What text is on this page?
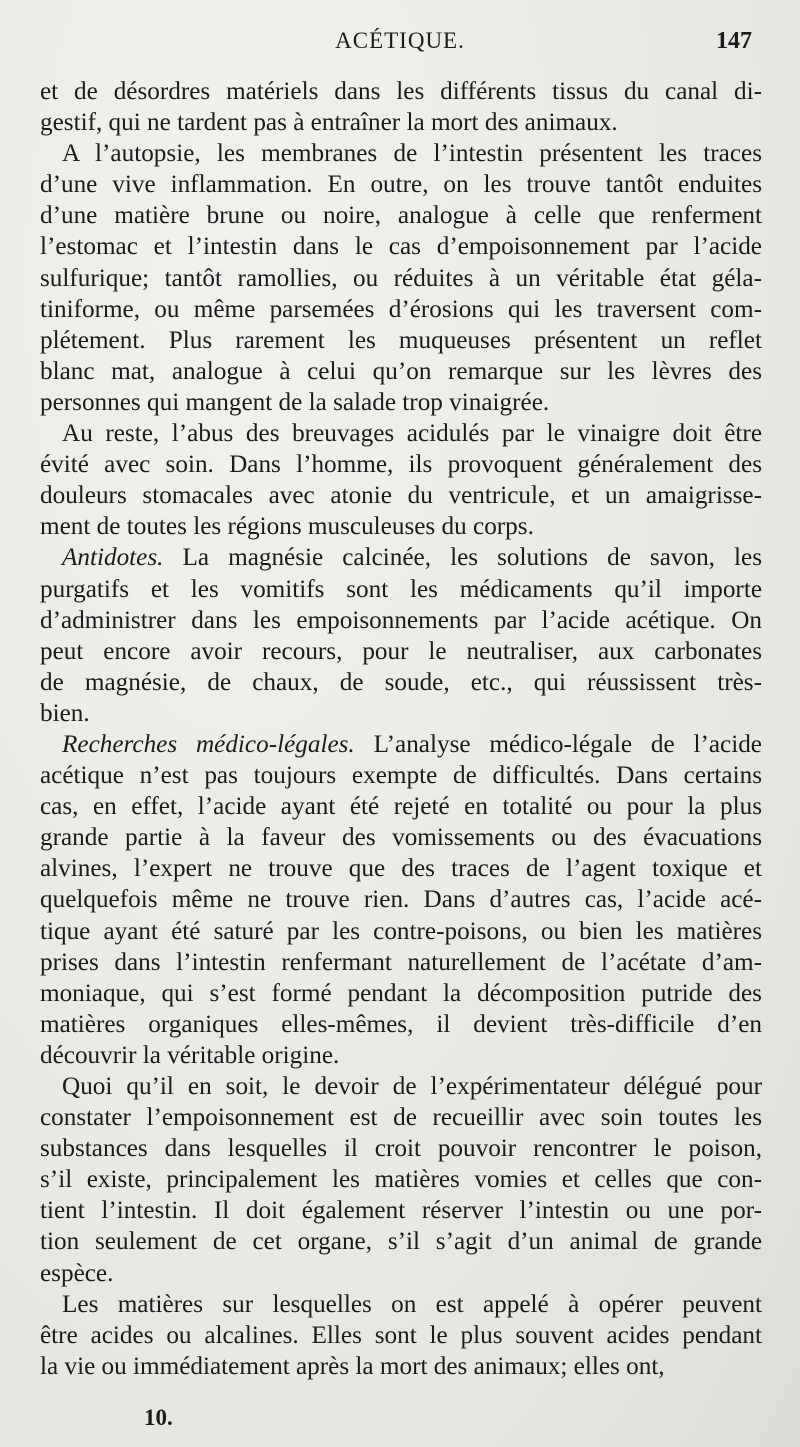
ACÉTIQUE.	147
et de désordres matériels dans les différents tissus du canal di-
gestif, qui ne tardent pas à entraîner la mort des animaux.
A l’autopsie, les membranes de l’intestin présentent les traces
d’une vive inflammation. En outre, on les trouve tantôt enduites
d’une matière brune ou noire, analogue à celle que renferment
l’estomac et l’intestin dans le cas d’empoisonnement par l’acide
sulfurique; tantôt ramollies, ou réduites à un véritable état géla-
tiniforme, ou même parsemées d’érosions qui les traversent com-
plétement. Plus rarement les muqueuses présentent un reflet
blanc mat, analogue à celui qu’on remarque sur les lèvres des
personnes qui mangent de la salade trop vinaigrée.
Au reste, l’abus des breuvages acidulés par le vinaigre doit être
évité avec soin. Dans l’homme, ils provoquent généralement des
douleurs stomacales avec atonie du ventricule, et un amaigrisse-
ment de toutes les régions musculeuses du corps.
Antidotes. La magnésie calcinée, les solutions de savon, les
purgatifs et les vomitifs sont les médicaments qu’il importe
d’administrer dans les empoisonnements par l’acide acétique. On
peut encore avoir recours, pour le neutraliser, aux carbonates
de magnésie, de chaux, de soude, etc., qui réussissent très-
bien.
Recherches médico-légales. L’analyse médico-légale de l’acide
acétique n’est pas toujours exempte de difficultés. Dans certains
cas, en effet, l’acide ayant été rejeté en totalité ou pour la plus
grande partie à la faveur des vomissements ou des évacuations
alvines, l’expert ne trouve que des traces de l’agent toxique et
quelquefois même ne trouve rien. Dans d’autres cas, l’acide acé-
tique ayant été saturé par les contre-poisons, ou bien les matières
prises dans l’intestin renfermant naturellement de l’acétate d’am-
moniaque, qui s’est formé pendant la décomposition putride des
matières organiques elles-mêmes, il devient très-difficile d’en
découvrir la véritable origine.
Quoi qu’il en soit, le devoir de l’expérimentateur délégué pour
constater l’empoisonnement est de recueillir avec soin toutes les
substances dans lesquelles il croit pouvoir rencontrer le poison,
s’il existe, principalement les matières vomies et celles que con-
tient l’intestin. Il doit également réserver l’intestin ou une por-
tion seulement de cet organe, s’il s’agit d’un animal de grande
espèce.
Les matières sur lesquelles on est appelé à opérer peuvent
être acides ou alcalines. Elles sont le plus souvent acides pendant
la vie ou immédiatement après la mort des animaux; elles ont,
10.
